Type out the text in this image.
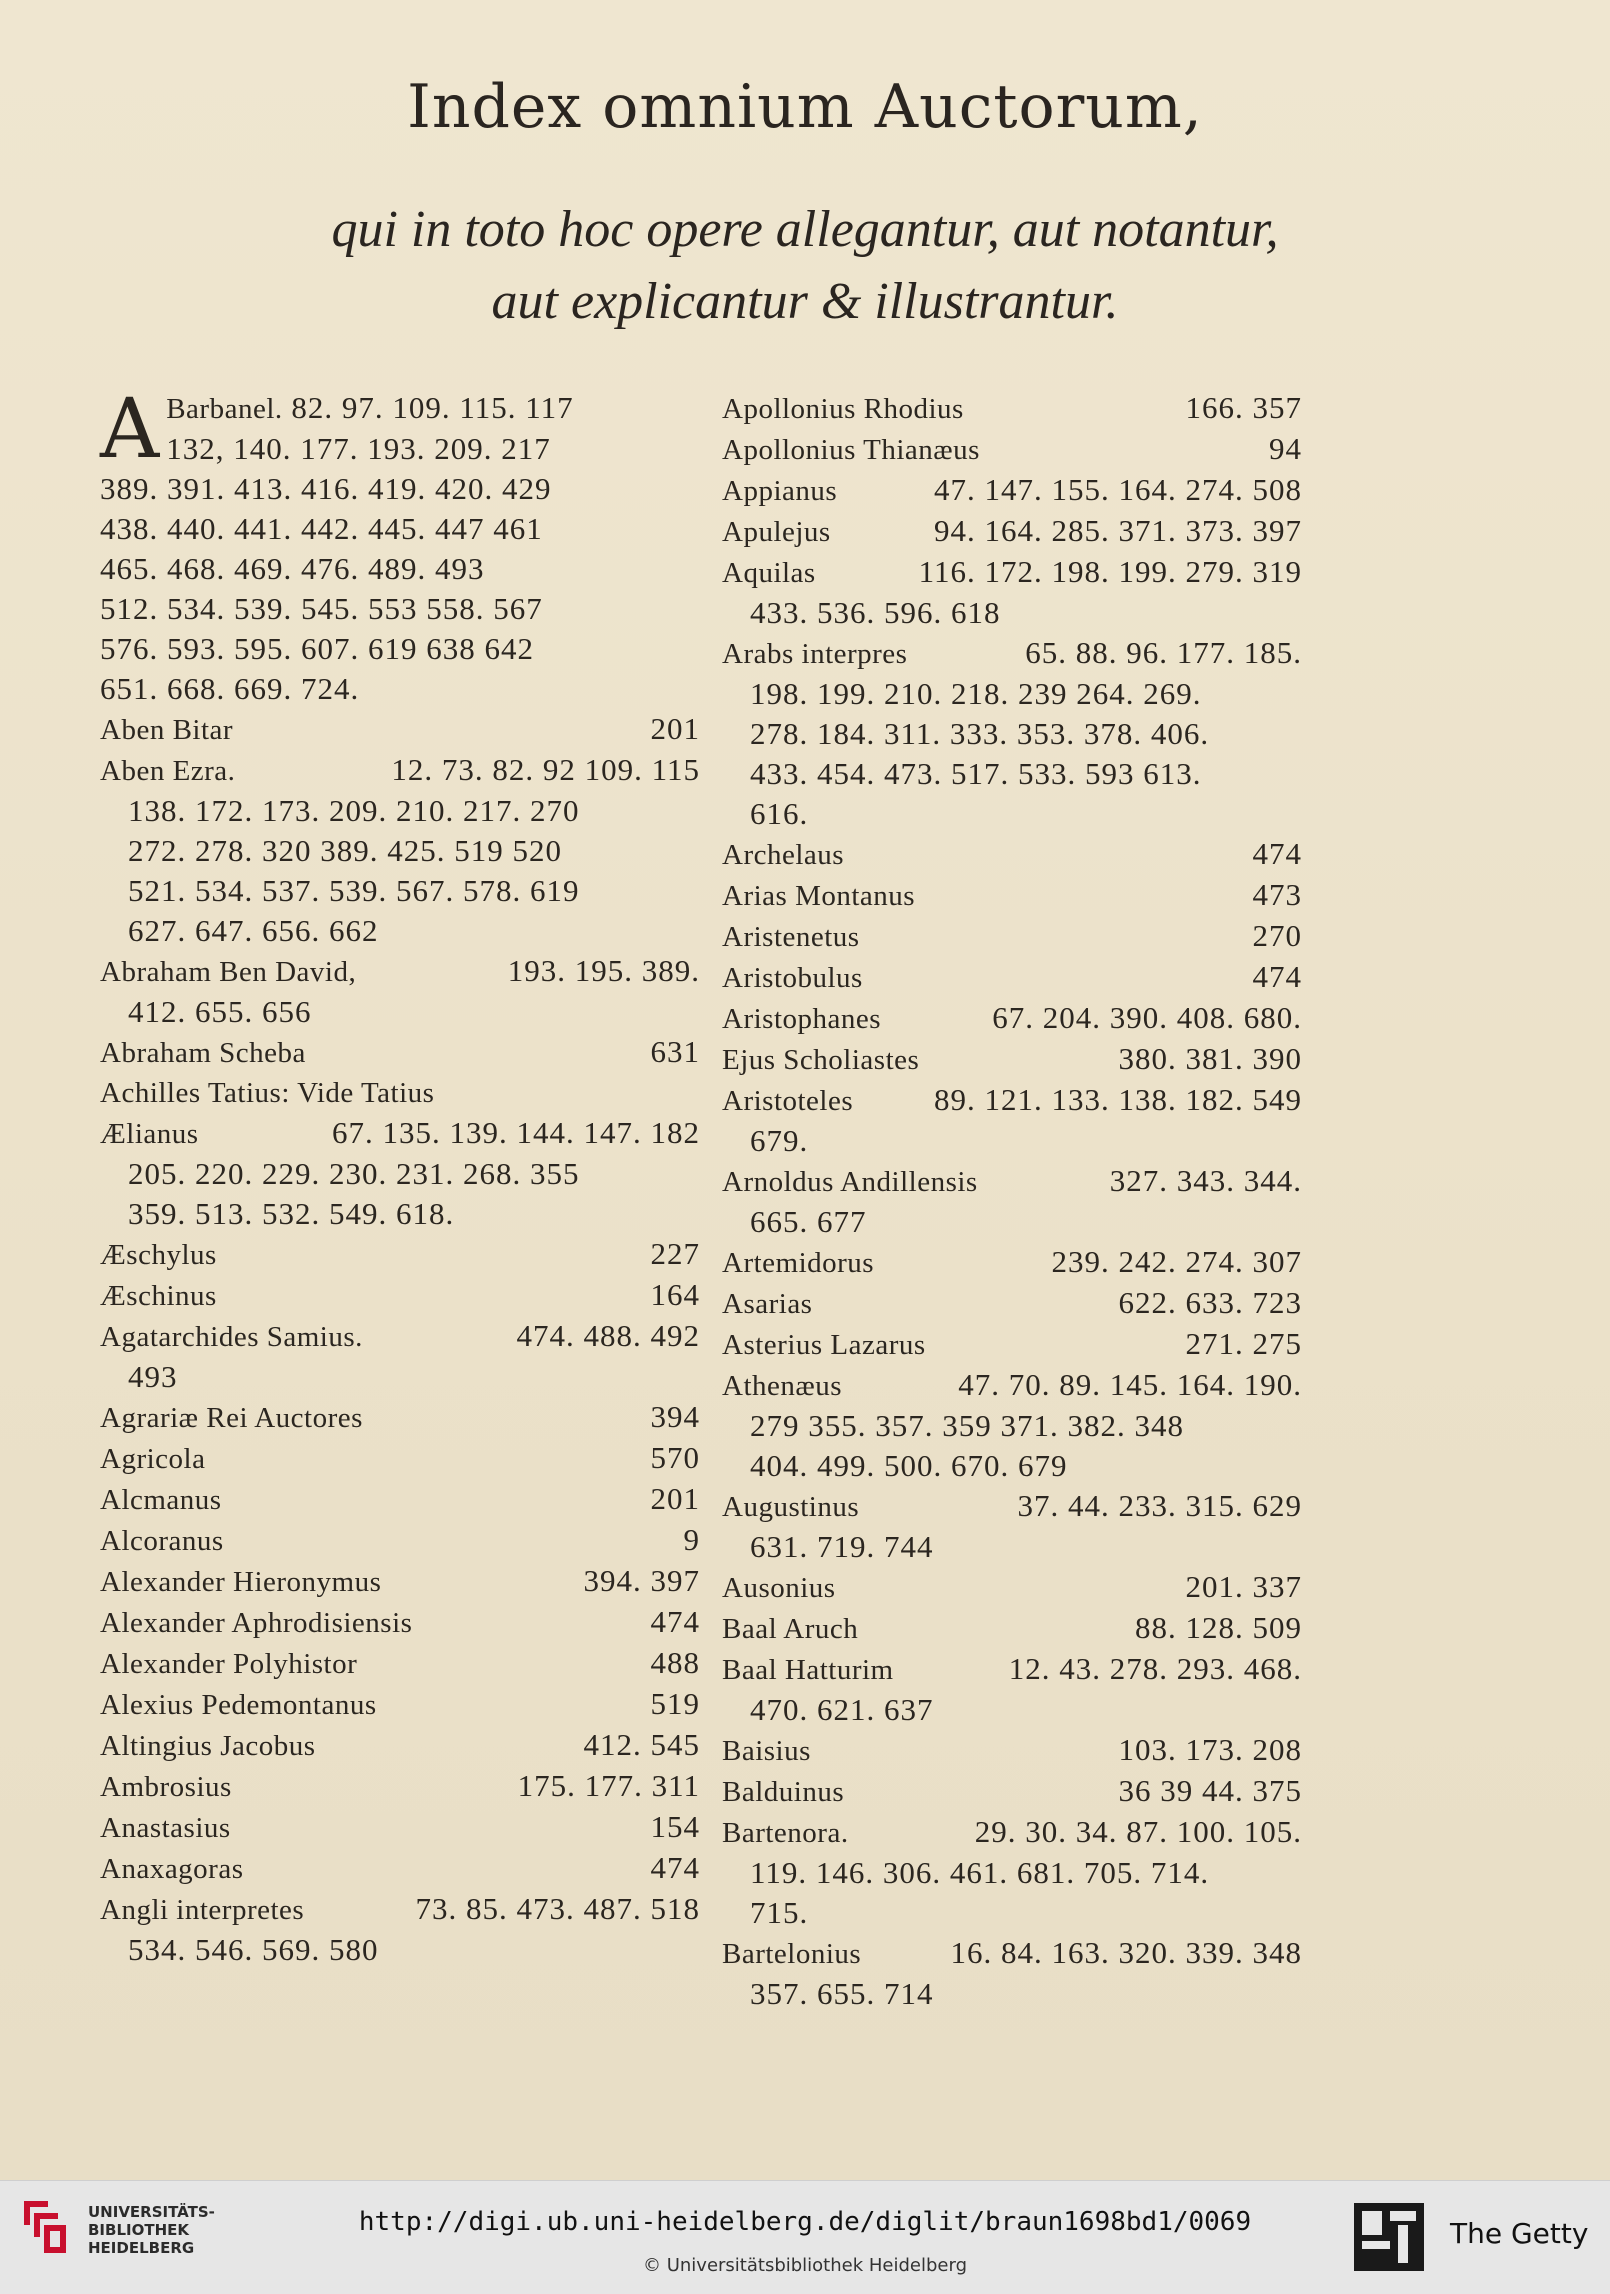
Index omnium Auctorum,
qui in toto hoc opere allegantur, aut notantur,
aut explicantur & illustrantur.
A Barbanel. 82. 97. 109. 115. 117
132, 140. 177. 193. 209. 217

389. 391. 413. 416. 419. 420. 429
438. 440. 441. 442. 445. 447 461
465. 468. 469. 476. 489. 493
512. 534. 539. 545. 553 558. 567
576. 593. 595. 607. 619 638 642
651. 668. 669. 724.
Aben Bitar	201
Aben Ezra.	12. 73. 82. 92 109. 115
138. 172. 173. 209. 210. 217. 270
272. 278. 320 389. 425. 519 520
521. 534. 537. 539. 567. 578. 619
627. 647. 656. 662
Abraham Ben David,	193. 195. 389.
412. 655. 656
Abraham Scheba	631
Achilles Tatius: Vide Tatius
Ælianus	67. 135. 139. 144. 147. 182
205. 220. 229. 230. 231. 268. 355
359. 513. 532. 549. 618.
Æschylus	227
Æschinus	164
Agatarchides Samius.	474. 488. 492
493
Agrariæ Rei Auctores	394
Agricola	570
Alcmanus	201
Alcoranus	9
Alexander Hieronymus	394. 397
Alexander Aphrodisiensis	474
Alexander Polyhistor	488
Alexius Pedemontanus	519
Altingius Jacobus	412. 545
Ambrosius	175. 177. 311
Anastasius	154
Anaxagoras	474
Angli interpretes	73. 85. 473. 487. 518
534. 546. 569. 580
Apollonius Rhodius	166. 357
Apollonius Thianæus	94
Appianus	47. 147. 155. 164. 274. 508
Apulejus	94. 164. 285. 371. 373. 397
Aquilas	116. 172. 198. 199. 279. 319
433. 536. 596. 618
Arabs interpres	65. 88. 96. 177. 185.
198. 199. 210. 218. 239 264. 269.
278. 184. 311. 333. 353. 378. 406.
433. 454. 473. 517. 533. 593 613.
616.
Archelaus	474
Arias Montanus	473
Aristenetus	270
Aristobulus	474
Aristophanes	67. 204. 390. 408. 680.
Ejus Scholiastes	380. 381. 390
Aristoteles	89. 121. 133. 138. 182. 549
679.
Arnoldus Andillensis	327. 343. 344.
665. 677
Artemidorus	239. 242. 274. 307
Asarias	622. 633. 723
Asterius Lazarus	271. 275
Athenæus	47. 70. 89. 145. 164. 190.
279 355. 357. 359 371. 382. 348
404. 499. 500. 670. 679
Augustinus	37. 44. 233. 315. 629
631. 719. 744
Ausonius	201. 337
Baal Aruch	88. 128. 509
Baal Hatturim	12. 43. 278. 293. 468.
470. 621. 637
Baisius	103. 173. 208
Balduinus	36 39 44. 375
Bartenora.	29. 30. 34. 87. 100. 105.
119. 146. 306. 461. 681. 705. 714.
715.
Bartelonius	16. 84. 163. 320. 339. 348
357. 655. 714
UNIVERSITÄTS-
BIBLIOTHEK
HEIDELBERG
http://digi.ub.uni-heidelberg.de/diglit/braun1698bd1/0069
© Universitätsbibliothek Heidelberg
The Getty
